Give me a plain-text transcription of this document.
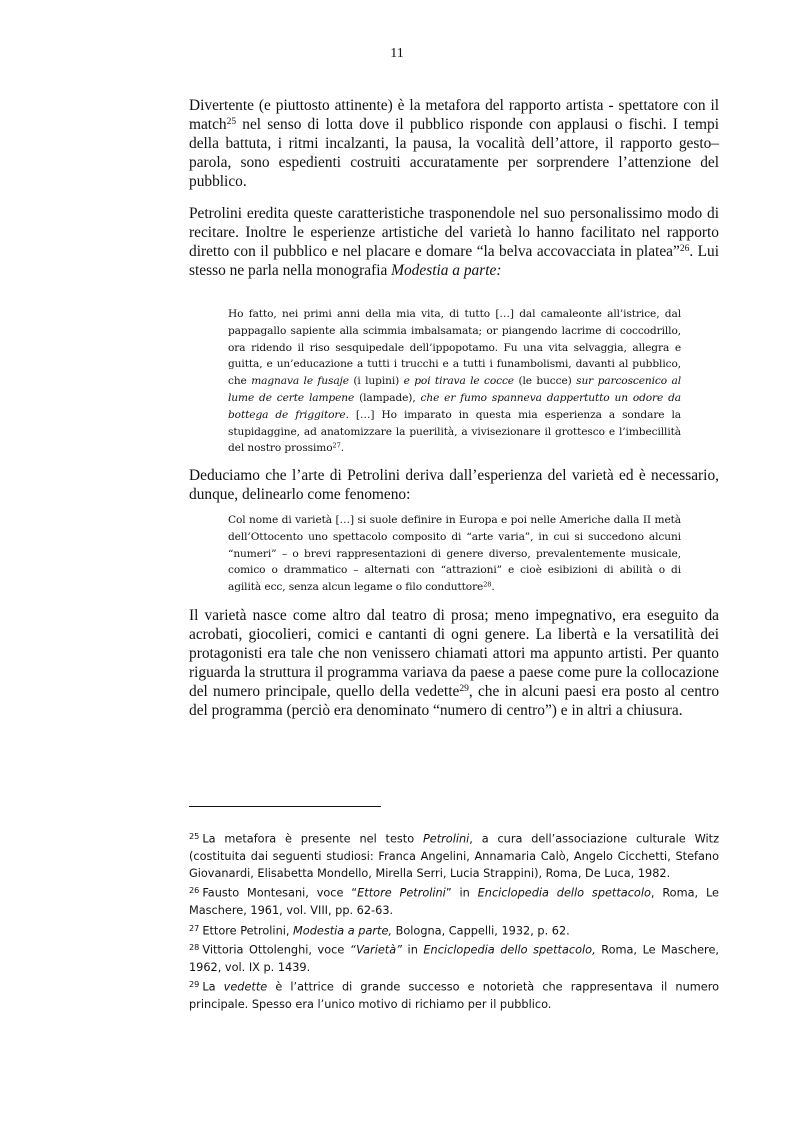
11

Divertente (e piuttosto attinente) è la metafora del rapporto artista - spettatore con il match$^{25}$ nel senso di lotta dove il pubblico risponde con applausi o fischi. I tempi della battuta, i ritmi incalzanti, la pausa, la vocalità dell’attore, il rapporto gesto–parola, sono espedienti costruiti accuratamente per sorprendere l’attenzione del pubblico.

Petrolini eredita queste caratteristiche trasponendole nel suo personalissimo modo di recitare. Inoltre le esperienze artistiche del varietà lo hanno facilitato nel rapporto diretto con il pubblico e nel placare e domare “la belva accovacciata in platea”$^{26}$. Lui stesso ne parla nella monografia Modestia a parte:

Ho fatto, nei primi anni della mia vita, di tutto […] dal camaleonte all’istrice, dal pappagallo sapiente alla scimmia imbalsamata; or piangendo lacrime di coccodrillo, ora ridendo il riso sesquipedale dell’ippopotamo. Fu una vita selvaggia, allegra e guitta, e un’educazione a tutti i trucchi e a tutti i funambolismi, davanti al pubblico, che magnava le fusaje (i lupini) e poi tirava le cocce (le bucce) sur parcoscenico al lume de certe lampene (lampade), che er fumo spanneva dappertutto un odore da bottega de friggitore. […] Ho imparato in questa mia esperienza a sondare la stupidaggine, ad anatomizzare la puerilità, a vivisezionare il grottesco e l’imbecillità del nostro prossimo$^{27}$.

Deduciamo che l’arte di Petrolini deriva dall’esperienza del varietà ed è necessario, dunque, delinearlo come fenomeno:

Col nome di varietà […] si suole definire in Europa e poi nelle Americhe dalla II metà dell’Ottocento uno spettacolo composito di “arte varia”, in cui si succedono alcuni “numeri” – o brevi rappresentazioni di genere diverso, prevalentemente musicale, comico o drammatico – alternati con “attrazioni” e cioè esibizioni di abilità o di agilità ecc, senza alcun legame o filo conduttore$^{28}$.

Il varietà nasce come altro dal teatro di prosa; meno impegnativo, era eseguito da acrobati, giocolieri, comici e cantanti di ogni genere. La libertà e la versatilità dei protagonisti era tale che non venissero chiamati attori ma appunto artisti. Per quanto riguarda la struttura il programma variava da paese a paese come pure la collocazione del numero principale, quello della vedette$^{29}$, che in alcuni paesi era posto al centro del programma (perciò era denominato “numero di centro”) e in altri a chiusura.

$^{25}$ La metafora è presente nel testo Petrolini, a cura dell’associazione culturale Witz (costituita dai seguenti studiosi: Franca Angelini, Annamaria Calò, Angelo Cicchetti, Stefano Giovanardi, Elisabetta Mondello, Mirella Serri, Lucia Strappini), Roma, De Luca, 1982.

$^{26}$ Fausto Montesani, voce “Ettore Petrolini” in Enciclopedia dello spettacolo, Roma, Le Maschere, 1961, vol. VIII, pp. 62-63.

$^{27}$ Ettore Petrolini, Modestia a parte, Bologna, Cappelli, 1932, p. 62.

$^{28}$ Vittoria Ottolenghi, voce “Varietà” in Enciclopedia dello spettacolo, Roma, Le Maschere, 1962, vol. IX p. 1439.

$^{29}$ La vedette è l’attrice di grande successo e notorietà che rappresentava il numero principale. Spesso era l’unico motivo di richiamo per il pubblico.
